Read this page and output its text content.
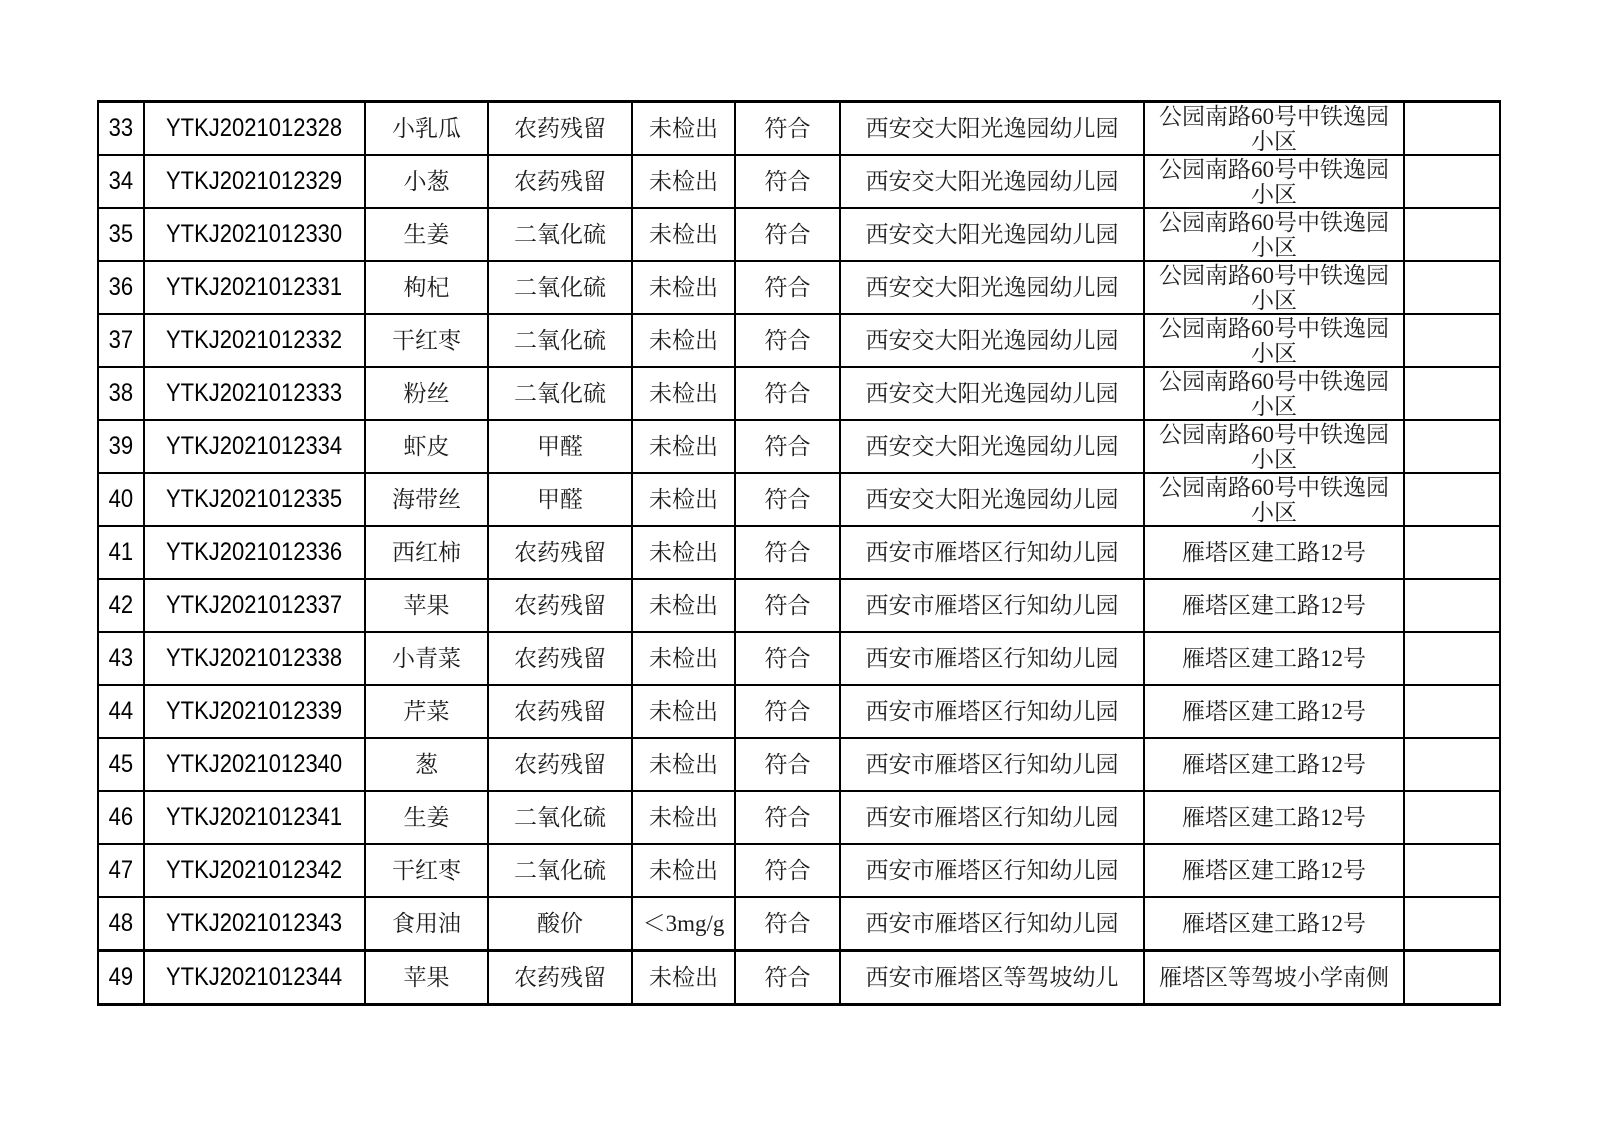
33	YTKJ2021012328	小乳瓜	农药残留	未检出	符合	西安交大阳光逸园幼儿园	公园南路60号中铁逸园小区	
34	YTKJ2021012329	小葱	农药残留	未检出	符合	西安交大阳光逸园幼儿园	公园南路60号中铁逸园小区	
35	YTKJ2021012330	生姜	二氧化硫	未检出	符合	西安交大阳光逸园幼儿园	公园南路60号中铁逸园小区	
36	YTKJ2021012331	枸杞	二氧化硫	未检出	符合	西安交大阳光逸园幼儿园	公园南路60号中铁逸园小区	
37	YTKJ2021012332	干红枣	二氧化硫	未检出	符合	西安交大阳光逸园幼儿园	公园南路60号中铁逸园小区	
38	YTKJ2021012333	粉丝	二氧化硫	未检出	符合	西安交大阳光逸园幼儿园	公园南路60号中铁逸园小区	
39	YTKJ2021012334	虾皮	甲醛	未检出	符合	西安交大阳光逸园幼儿园	公园南路60号中铁逸园小区	
40	YTKJ2021012335	海带丝	甲醛	未检出	符合	西安交大阳光逸园幼儿园	公园南路60号中铁逸园小区	
41	YTKJ2021012336	西红柿	农药残留	未检出	符合	西安市雁塔区行知幼儿园	雁塔区建工路12号	
42	YTKJ2021012337	苹果	农药残留	未检出	符合	西安市雁塔区行知幼儿园	雁塔区建工路12号	
43	YTKJ2021012338	小青菜	农药残留	未检出	符合	西安市雁塔区行知幼儿园	雁塔区建工路12号	
44	YTKJ2021012339	芹菜	农药残留	未检出	符合	西安市雁塔区行知幼儿园	雁塔区建工路12号	
45	YTKJ2021012340	葱	农药残留	未检出	符合	西安市雁塔区行知幼儿园	雁塔区建工路12号	
46	YTKJ2021012341	生姜	二氧化硫	未检出	符合	西安市雁塔区行知幼儿园	雁塔区建工路12号	
47	YTKJ2021012342	干红枣	二氧化硫	未检出	符合	西安市雁塔区行知幼儿园	雁塔区建工路12号	
48	YTKJ2021012343	食用油	酸价	＜3mg/g	符合	西安市雁塔区行知幼儿园	雁塔区建工路12号	
49	YTKJ2021012344	苹果	农药残留	未检出	符合	西安市雁塔区等驾坡幼儿	雁塔区等驾坡小学南侧	
